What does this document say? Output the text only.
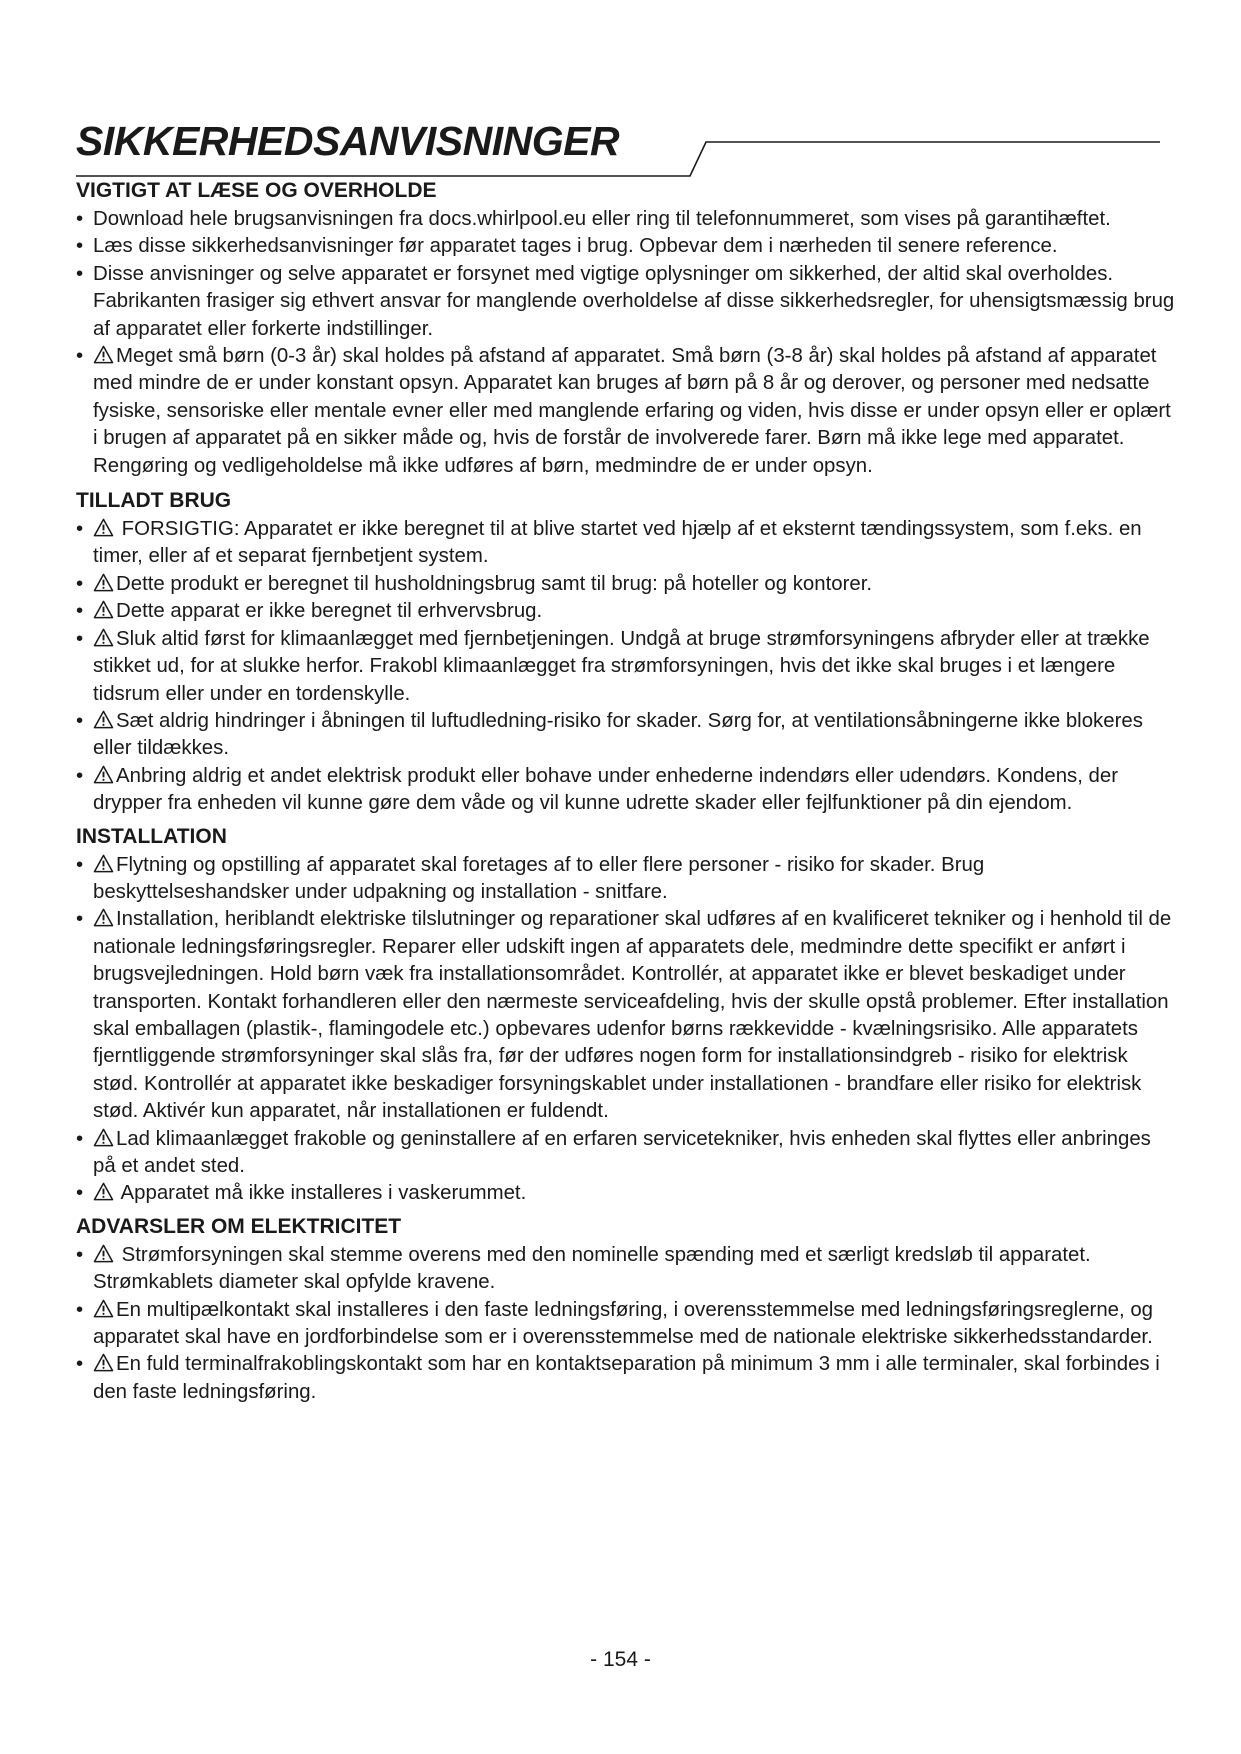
SIKKERHEDSANVISNINGER
VIGTIGT AT LÆSE OG OVERHOLDE
• Download hele brugsanvisningen fra docs.whirlpool.eu eller ring til telefonnummeret, som vises på garantihæftet.
• Læs disse sikkerhedsanvisninger før apparatet tages i brug. Opbevar dem i nærheden til senere reference.
• Disse anvisninger og selve apparatet er forsynet med vigtige oplysninger om sikkerhed, der altid skal overholdes. Fabrikanten frasiger sig ethvert ansvar for manglende overholdelse af disse sikkerhedsregler, for uhensigtsmæssig brug af apparatet eller forkerte indstillinger.
• Meget små børn (0-3 år) skal holdes på afstand af apparatet. Små børn (3-8 år) skal holdes på afstand af apparatet med mindre de er under konstant opsyn. Apparatet kan bruges af børn på 8 år og derover, og personer med nedsatte fysiske, sensoriske eller mentale evner eller med manglende erfaring og viden, hvis disse er under opsyn eller er oplært i brugen af apparatet på en sikker måde og, hvis de forstår de involverede farer. Børn må ikke lege med apparatet. Rengøring og vedligeholdelse må ikke udføres af børn, medmindre de er under opsyn.
TILLADT BRUG
• FORSIGTIG: Apparatet er ikke beregnet til at blive startet ved hjælp af et eksternt tændingssystem, som f.eks. en timer, eller af et separat fjernbetjent system.
• Dette produkt er beregnet til husholdningsbrug samt til brug: på hoteller og kontorer.
• Dette apparat er ikke beregnet til erhvervsbrug.
• Sluk altid først for klimaanlægget med fjernbetjeningen. Undgå at bruge strømforsyningens afbryder eller at trække stikket ud, for at slukke herfor. Frakobl klimaanlægget fra strømforsyningen, hvis det ikke skal bruges i et længere tidsrum eller under en tordenskylle.
• Sæt aldrig hindringer i åbningen til luftudledning-risiko for skader. Sørg for, at ventilationsåbningerne ikke blokeres eller tildækkes.
• Anbring aldrig et andet elektrisk produkt eller bohave under enhederne indendørs eller udendørs. Kondens, der drypper fra enheden vil kunne gøre dem våde og vil kunne udrette skader eller fejlfunktioner på din ejendom.
INSTALLATION
• Flytning og opstilling af apparatet skal foretages af to eller flere personer - risiko for skader. Brug beskyttelseshandsker under udpakning og installation - snitfare.
• Installation, heriblandt elektriske tilslutninger og reparationer skal udføres af en kvalificeret tekniker og i henhold til de nationale ledningsføringsregler. Reparer eller udskift ingen af apparatets dele, medmindre dette specifikt er anført i brugsvejledningen. Hold børn væk fra installationsområdet. Kontrollér, at apparatet ikke er blevet beskadiget under transporten. Kontakt forhandleren eller den nærmeste serviceafdeling, hvis der skulle opstå problemer. Efter installation skal emballagen (plastik-, flamingodele etc.) opbevares udenfor børns rækkevidde - kvælningsrisiko. Alle apparatets fjerntliggende strømforsyninger skal slås fra, før der udføres nogen form for installationsindgreb - risiko for elektrisk stød. Kontrollér at apparatet ikke beskadiger forsyningskablet under installationen - brandfare eller risiko for elektrisk stød. Aktivér kun apparatet, når installationen er fuldendt.
• Lad klimaanlægget frakoble og geninstallere af en erfaren servicetekniker, hvis enheden skal flyttes eller anbringes på et andet sted.
• Apparatet må ikke installeres i vaskerummet.
ADVARSLER OM ELEKTRICITET
• Strømforsyningen skal stemme overens med den nominelle spænding med et særligt kredsløb til apparatet.
Strømkablets diameter skal opfylde kravene.
• En multipælkontakt skal installeres i den faste ledningsføring, i overensstemmelse med ledningsføringsreglerne, og apparatet skal have en jordforbindelse som er i overensstemmelse med de nationale elektriske sikkerhedsstandarder.
• En fuld terminalfrakoblingskontakt som har en kontaktseparation på minimum 3 mm i alle terminaler, skal forbindes i den faste ledningsføring.
- 154 -
